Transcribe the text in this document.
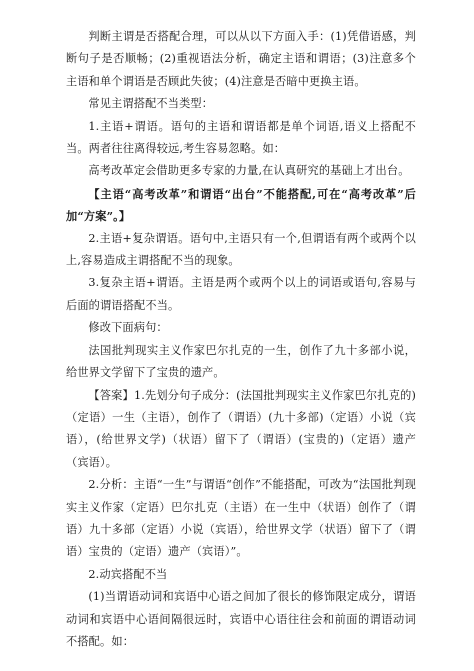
判断主谓是否搭配合理，可以从以下方面入手：(1)凭借语感，判断句子是否顺畅；(2)重视语法分析，确定主语和谓语；(3)注意多个主语和单个谓语是否顾此失彼；(4)注意是否暗中更换主语。

常见主谓搭配不当类型：

1.主语+谓语。语句的主语和谓语都是单个词语,语义上搭配不当。两者往往离得较远,考生容易忽略。如：

高考改革定会借助更多专家的力量,在认真研究的基础上才出台。

【主语“高考改革”和谓语“出台”不能搭配,可在“高考改革”后加“方案”。】

2.主语+复杂谓语。语句中,主语只有一个,但谓语有两个或两个以上,容易造成主谓搭配不当的现象。

3.复杂主语+谓语。主语是两个或两个以上的词语或语句,容易与后面的谓语搭配不当。

修改下面病句：

法国批判现实主义作家巴尔扎克的一生，创作了九十多部小说，给世界文学留下了宝贵的遗产。

【答案】1.先划分句子成分：(法国批判现实主义作家巴尔扎克的)（定语）一生（主语），创作了（谓语）(九十多部)（定语）小说（宾语），(给世界文学)（状语）留下了（谓语）(宝贵的)（定语）遗产（宾语）。

2.分析：主语“一生”与谓语“创作”不能搭配，可改为“法国批判现实主义作家（定语）巴尔扎克（主语）在一生中（状语）创作了（谓语）九十多部（定语）小说（宾语），给世界文学（状语）留下了（谓语）宝贵的（定语）遗产（宾语）”。

2.动宾搭配不当

(1)当谓语动词和宾语中心语之间加了很长的修饰限定成分，谓语动词和宾语中心语间隔很远时，宾语中心语往往会和前面的谓语动词不搭配。如：
